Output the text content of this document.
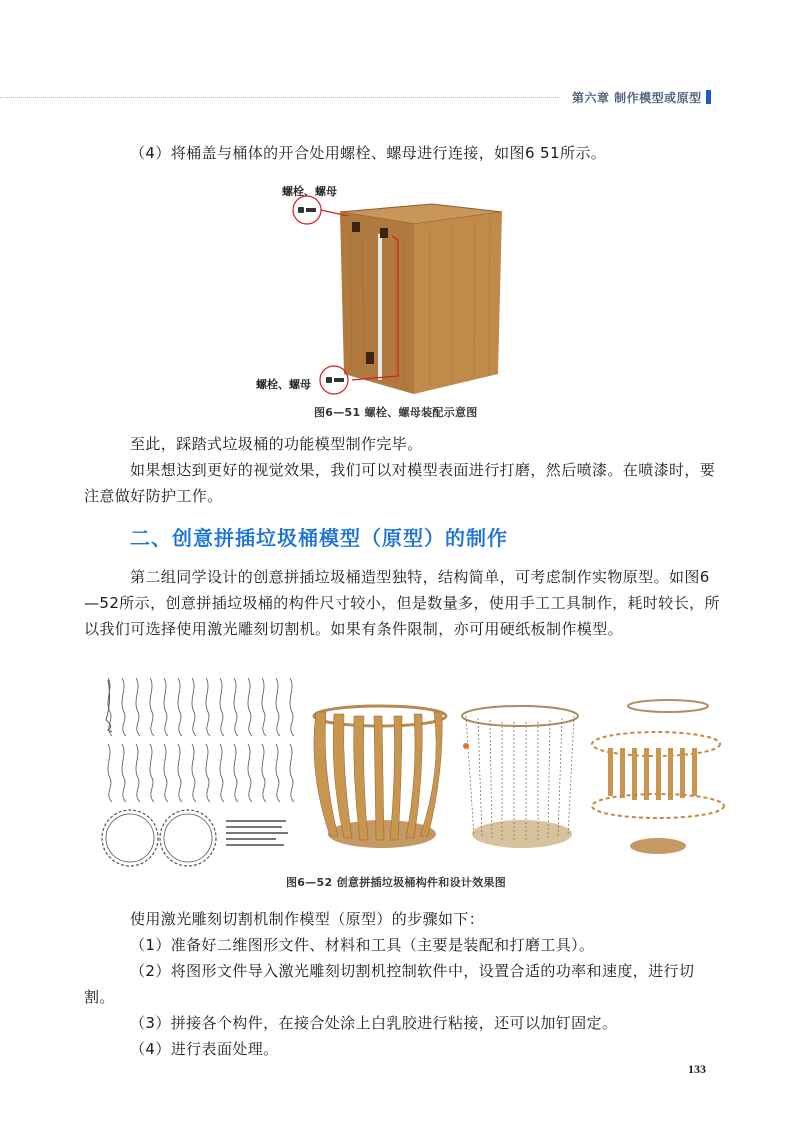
第六章 制作模型或原型

（4）将桶盖与桶体的开合处用螺栓、螺母进行连接，如图6 51所示。

螺栓、螺母
螺栓、螺母
图6—51 螺栓、螺母装配示意图

至此，踩踏式垃圾桶的功能模型制作完毕。

如果想达到更好的视觉效果，我们可以对模型表面进行打磨，然后喷漆。在喷漆时，要注意做好防护工作。

二、创意拼插垃圾桶模型（原型）的制作

第二组同学设计的创意拼插垃圾桶造型独特，结构简单，可考虑制作实物原型。如图6—52所示，创意拼插垃圾桶的构件尺寸较小，但是数量多，使用手工工具制作，耗时较长，所以我们可选择使用激光雕刻切割机。如果有条件限制，亦可用硬纸板制作模型。

图6—52 创意拼插垃圾桶构件和设计效果图

使用激光雕刻切割机制作模型（原型）的步骤如下：

（1）准备好二维图形文件、材料和工具（主要是装配和打磨工具）。

（2）将图形文件导入激光雕刻切割机控制软件中，设置合适的功率和速度，进行切割。

（3）拼接各个构件，在接合处涂上白乳胶进行粘接，还可以加钉固定。

（4）进行表面处理。

133
